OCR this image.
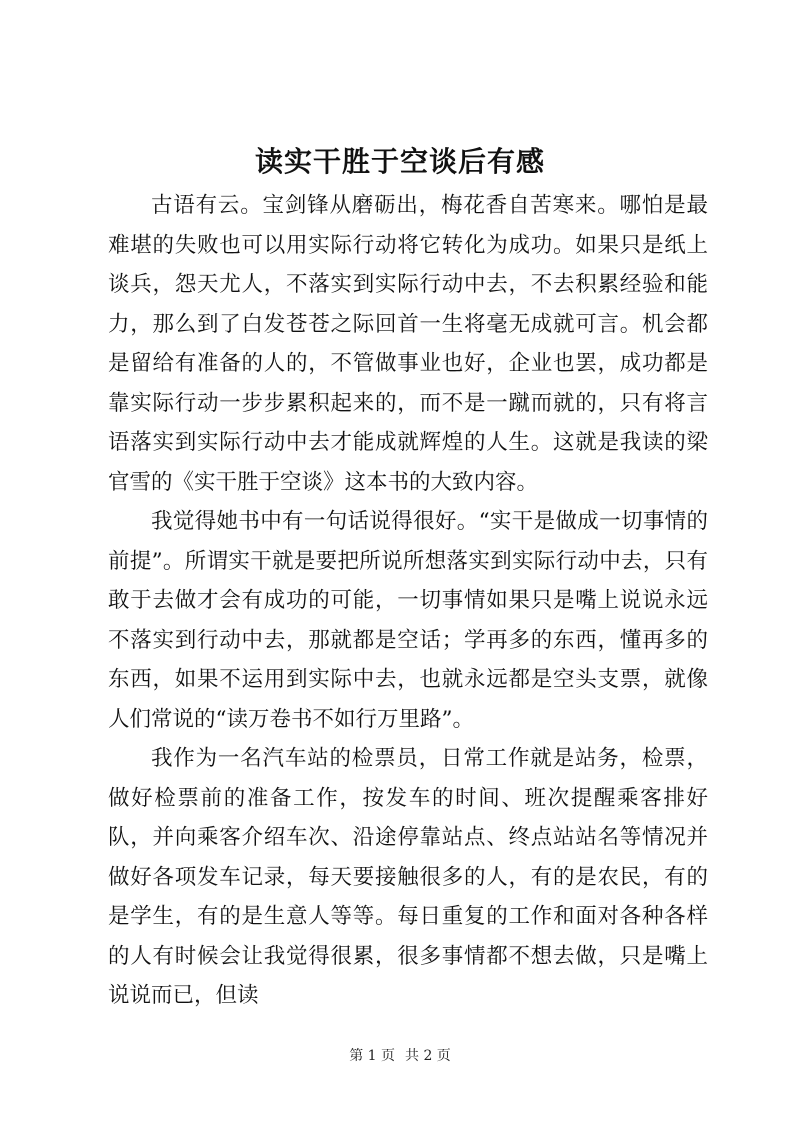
读实干胜于空谈后有感

古语有云。宝剑锋从磨砺出，梅花香自苦寒来。哪怕是最难堪的失败也可以用实际行动将它转化为成功。如果只是纸上谈兵，怨天尤人，不落实到实际行动中去，不去积累经验和能力，那么到了白发苍苍之际回首一生将毫无成就可言。机会都是留给有准备的人的，不管做事业也好，企业也罢，成功都是靠实际行动一步步累积起来的，而不是一蹴而就的，只有将言语落实到实际行动中去才能成就辉煌的人生。这就是我读的梁官雪的《实干胜于空谈》这本书的大致内容。

我觉得她书中有一句话说得很好。“实干是做成一切事情的前提”。所谓实干就是要把所说所想落实到实际行动中去，只有敢于去做才会有成功的可能，一切事情如果只是嘴上说说永远不落实到行动中去，那就都是空话；学再多的东西，懂再多的东西，如果不运用到实际中去，也就永远都是空头支票，就像人们常说的“读万卷书不如行万里路”。

我作为一名汽车站的检票员，日常工作就是站务，检票，做好检票前的准备工作，按发车的时间、班次提醒乘客排好队，并向乘客介绍车次、沿途停靠站点、终点站站名等情况并做好各项发车记录，每天要接触很多的人，有的是农民，有的是学生，有的是生意人等等。每日重复的工作和面对各种各样的人有时候会让我觉得很累，很多事情都不想去做，只是嘴上说说而已，但读

第 1 页 共 2 页
